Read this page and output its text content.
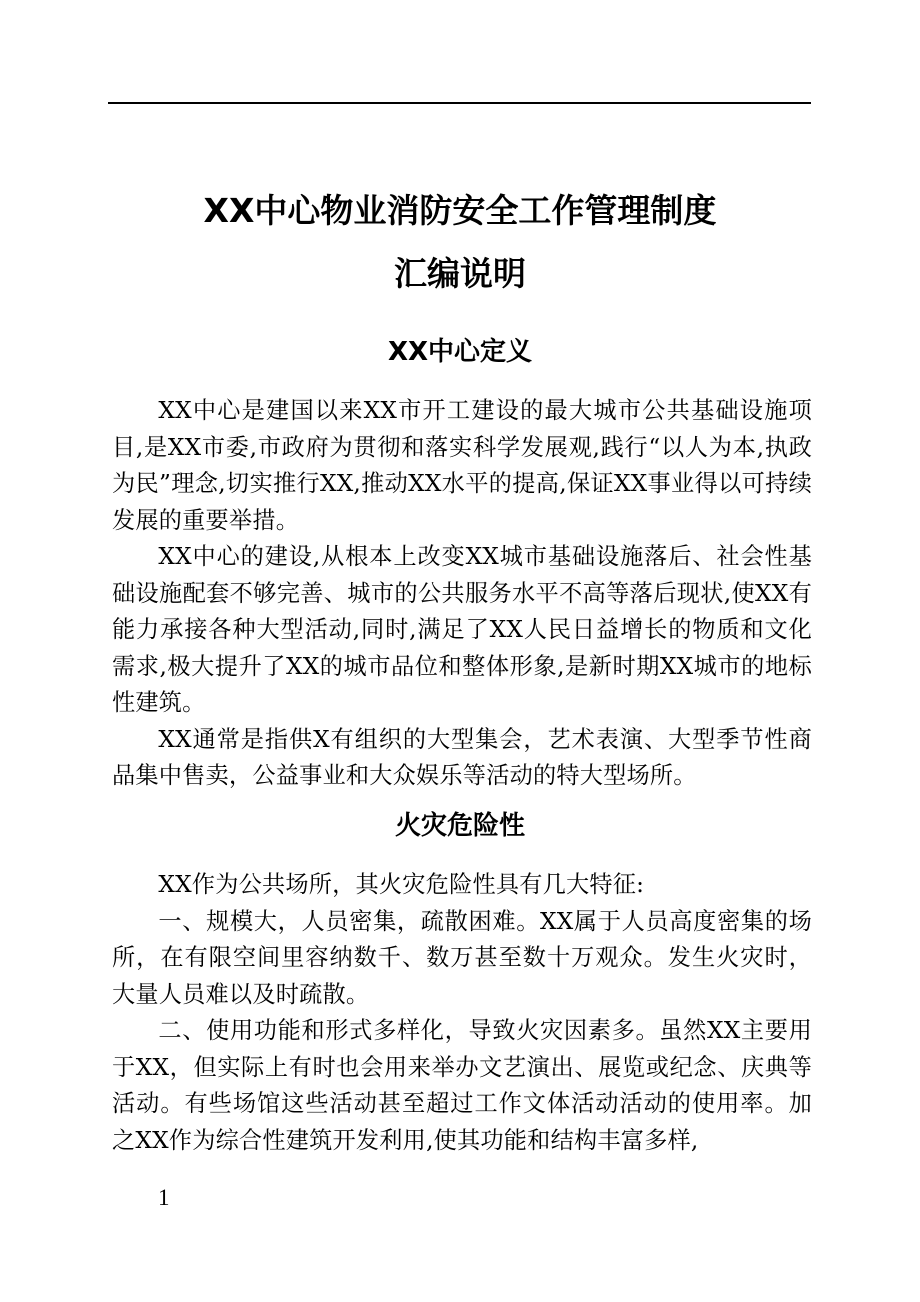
XX中心物业消防安全工作管理制度
汇编说明
XX中心定义

XX中心是建国以来XX市开工建设的最大城市公共基础设施项目,是XX市委,市政府为贯彻和落实科学发展观,践行“以人为本,执政为民”理念,切实推行XX,推动XX水平的提高,保证XX事业得以可持续发展的重要举措。

XX中心的建设,从根本上改变XX城市基础设施落后、社会性基础设施配套不够完善、城市的公共服务水平不高等落后现状,使XX有能力承接各种大型活动,同时,满足了XX人民日益增长的物质和文化需求,极大提升了XX的城市品位和整体形象,是新时期XX城市的地标性建筑。

XX通常是指供X有组织的大型集会，艺术表演、大型季节性商品集中售卖，公益事业和大众娱乐等活动的特大型场所。

火灾危险性

XX作为公共场所，其火灾危险性具有几大特征:

一、规模大，人员密集，疏散困难。XX属于人员高度密集的场所，在有限空间里容纳数千、数万甚至数十万观众。发生火灾时，大量人员难以及时疏散。

二、使用功能和形式多样化，导致火灾因素多。虽然XX主要用于XX，但实际上有时也会用来举办文艺演出、展览或纪念、庆典等活动。有些场馆这些活动甚至超过工作文体活动活动的使用率。加之XX作为综合性建筑开发利用,使其功能和结构丰富多样,

1
